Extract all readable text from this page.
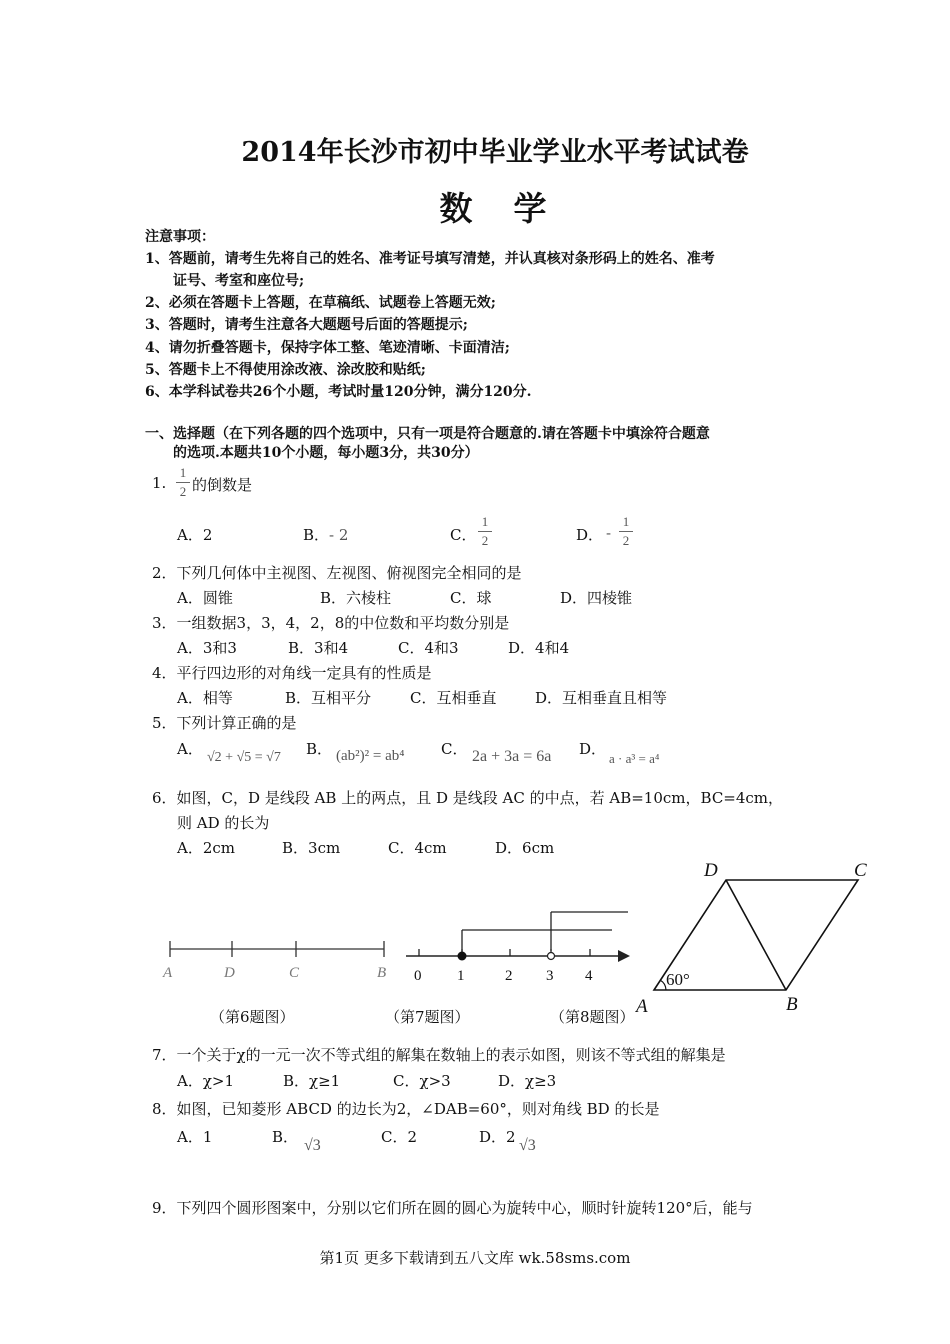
2014年长沙市初中毕业学业水平考试试卷
数　学
注意事项：
1、答题前，请考生先将自己的姓名、准考证号填写清楚，并认真核对条形码上的姓名、准考
证号、考室和座位号;
2、必须在答题卡上答题，在草稿纸、试题卷上答题无效;
3、答题时，请考生注意各大题题号后面的答题提示;
4、请勿折叠答题卡，保持字体工整、笔迹清晰、卡面清洁;
5、答题卡上不得使用涂改液、涂改胶和贴纸;
6、本学科试卷共26个小题，考试时量120分钟，满分120分.
一、选择题（在下列各题的四个选项中，只有一项是符合题意的.请在答题卡中填涂符合题意
的选项.本题共10个小题，每小题3分，共30分）
1.
1
2 的倒数是
A．2	B．- 2	C．
1
2	D． -
1
2
2．下列几何体中主视图、左视图、俯视图完全相同的是
A．圆锥	B．六棱柱	C．球	D．四棱锥
3．一组数据3，3，4，2，8的中位数和平均数分别是
A．3和3	B．3和4	C．4和3	D．4和4
4．平行四边形的对角线一定具有的性质是
A．相等	B．互相平分	C．互相垂直	D．互相垂直且相等
5．下列计算正确的是
A． √2 + √5 = √7 B． (ab²)² = ab⁴ C． 2a + 3a = 6a D．
a · a³ = a⁴
6．如图，C，D 是线段 AB 上的两点，且 D 是线段 AC 的中点，若 AB=10cm，BC=4cm，
则 AD 的长为
A．2cm	B．3cm	C．4cm	D．6cm
A	D	C	B 0 1	2 3 4
D	C
A	B
60°
（第6题图）	（第7题图）	（第8题图）
7．一个关于χ的一元一次不等式组的解集在数轴上的表示如图，则该不等式组的解集是
A．χ>1	B．χ≥1	C．χ>3	D．χ≥3
8．如图，已知菱形 ABCD 的边长为2，∠DAB=60°，则对角线 BD 的长是
A．1	B． √3	C．2	D．2 √3
9．下列四个圆形图案中，分别以它们所在圆的圆心为旋转中心，顺时针旋转120°后，能与
第1页 更多下载请到五八文库 wk.58sms.com
